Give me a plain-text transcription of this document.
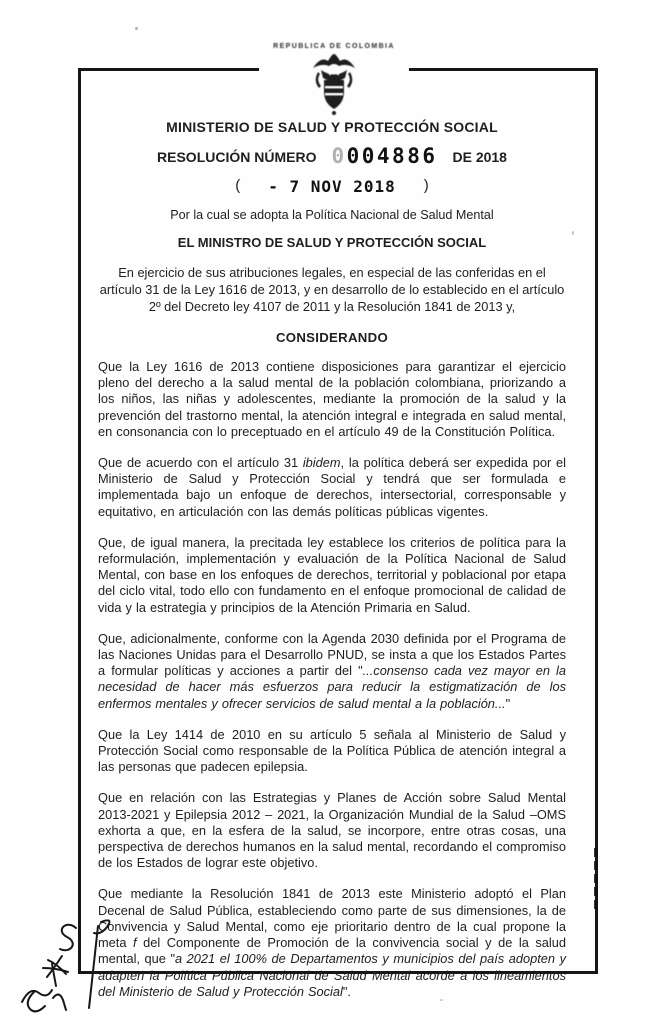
REPUBLICA DE COLOMBIA
MINISTERIO DE SALUD Y PROTECCIÓN SOCIAL
RESOLUCIÓN NÚMERO 0004886 DE 2018
( - 7 NOV 2018 )
Por la cual se adopta la Política Nacional de Salud Mental
EL MINISTRO DE SALUD Y PROTECCIÓN SOCIAL

En ejercicio de sus atribuciones legales, en especial de las conferidas en el artículo 31 de la Ley 1616 de 2013, y en desarrollo de lo establecido en el artículo 2º del Decreto ley 4107 de 2011 y la Resolución 1841 de 2013 y,

CONSIDERANDO

Que la Ley 1616 de 2013 contiene disposiciones para garantizar el ejercicio pleno del derecho a la salud mental de la población colombiana, priorizando a los niños, las niñas y adolescentes, mediante la promoción de la salud y la prevención del trastorno mental, la atención integral e integrada en salud mental, en consonancia con lo preceptuado en el artículo 49 de la Constitución Política.

Que de acuerdo con el artículo 31 ibidem, la política deberá ser expedida por el Ministerio de Salud y Protección Social y tendrá que ser formulada e implementada bajo un enfoque de derechos, intersectorial, corresponsable y equitativo, en articulación con las demás políticas públicas vigentes.

Que, de igual manera, la precitada ley establece los criterios de política para la reformulación, implementación y evaluación de la Política Nacional de Salud Mental, con base en los enfoques de derechos, territorial y poblacional por etapa del ciclo vital, todo ello con fundamento en el enfoque promocional de calidad de vida y la estrategia y principios de la Atención Primaria en Salud.

Que, adicionalmente, conforme con la Agenda 2030 definida por el Programa de las Naciones Unidas para el Desarrollo PNUD, se insta a que los Estados Partes a formular políticas y acciones a partir del "...consenso cada vez mayor en la necesidad de hacer más esfuerzos para reducir la estigmatización de los enfermos mentales y ofrecer servicios de salud mental a la población..."

Que la Ley 1414 de 2010 en su artículo 5 señala al Ministerio de Salud y Protección Social como responsable de la Política Pública de atención integral a las personas que padecen epilepsia.

Que en relación con las Estrategias y Planes de Acción sobre Salud Mental 2013-2021 y Epilepsia 2012 – 2021, la Organización Mundial de la Salud –OMS exhorta a que, en la esfera de la salud, se incorpore, entre otras cosas, una perspectiva de derechos humanos en la salud mental, recordando el compromiso de los Estados de lograr este objetivo.

Que mediante la Resolución 1841 de 2013 este Ministerio adoptó el Plan Decenal de Salud Pública, estableciendo como parte de sus dimensiones, la de Convivencia y Salud Mental, como eje prioritario dentro de la cual propone la meta f del Componente de Promoción de la convivencia social y de la salud mental, que "a 2021 el 100% de Departamentos y municipios del país adopten y adapten la Política Pública Nacional de Salud Mental acorde a los lineamientos del Ministerio de Salud y Protección Social".
